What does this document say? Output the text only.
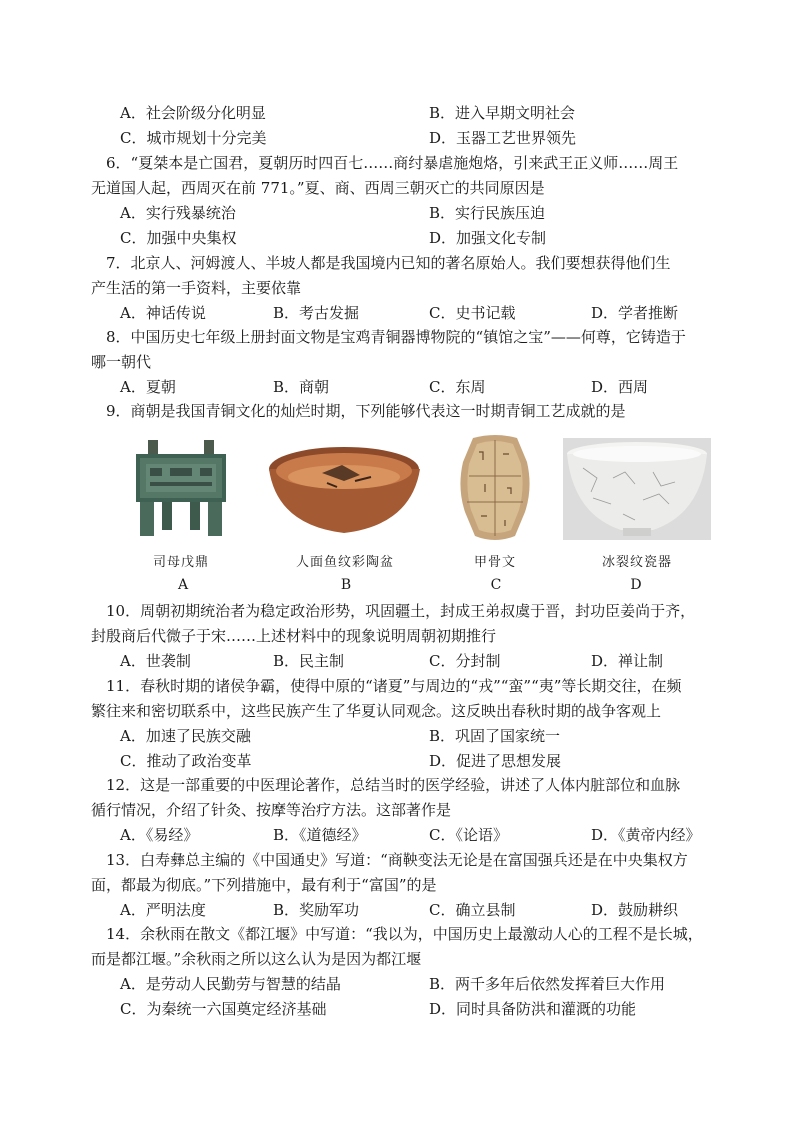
A．社会阶级分化明显	B．进入早期文明社会
C．城市规划十分完美	D．玉器工艺世界领先
6．“夏桀本是亡国君，夏朝历时四百七……商纣暴虐施炮烙，引来武王正义师……周王
无道国人起，西周灭在前 771。”夏、商、西周三朝灭亡的共同原因是
A．实行残暴统治	B．实行民族压迫
C．加强中央集权	D．加强文化专制
7．北京人、河姆渡人、半坡人都是我国境内已知的著名原始人。我们要想获得他们生
产生活的第一手资料，主要依靠
A．神话传说	B．考古发掘	C．史书记载	D．学者推断
8．中国历史七年级上册封面文物是宝鸡青铜器博物院的“镇馆之宝”——何尊，它铸造于
哪一朝代
A．夏朝	B．商朝	C．东周	D．西周
9．商朝是我国青铜文化的灿烂时期，下列能够代表这一时期青铜工艺成就的是
司母戊鼎	人面鱼纹彩陶盆	甲骨文	冰裂纹瓷器
A	B	C	D
10．周朝初期统治者为稳定政治形势，巩固疆土，封成王弟叔虞于晋，封功臣姜尚于齐，
封殷商后代微子于宋……上述材料中的现象说明周朝初期推行
A．世袭制	B．民主制	C．分封制	D．禅让制
11．春秋时期的诸侯争霸，使得中原的“诸夏”与周边的“戎”“蛮”“夷”等长期交往，在频
繁往来和密切联系中，这些民族产生了华夏认同观念。这反映出春秋时期的战争客观上
A．加速了民族交融	B．巩固了国家统一
C．推动了政治变革	D．促进了思想发展
12．这是一部重要的中医理论著作，总结当时的医学经验，讲述了人体内脏部位和血脉
循行情况，介绍了针灸、按摩等治疗方法。这部著作是
A．《易经》	B．《道德经》	C．《论语》	D．《黄帝内经》
13．白寿彝总主编的《中国通史》写道：“商鞅变法无论是在富国强兵还是在中央集权方
面，都最为彻底。”下列措施中，最有利于“富国”的是
A．严明法度	B．奖励军功	C．确立县制	D．鼓励耕织
14．余秋雨在散文《都江堰》中写道：“我以为，中国历史上最激动人心的工程不是长城，
而是都江堰。”余秋雨之所以这么认为是因为都江堰
A．是劳动人民勤劳与智慧的结晶	B．两千多年后依然发挥着巨大作用
C．为秦统一六国奠定经济基础	D．同时具备防洪和灌溉的功能
